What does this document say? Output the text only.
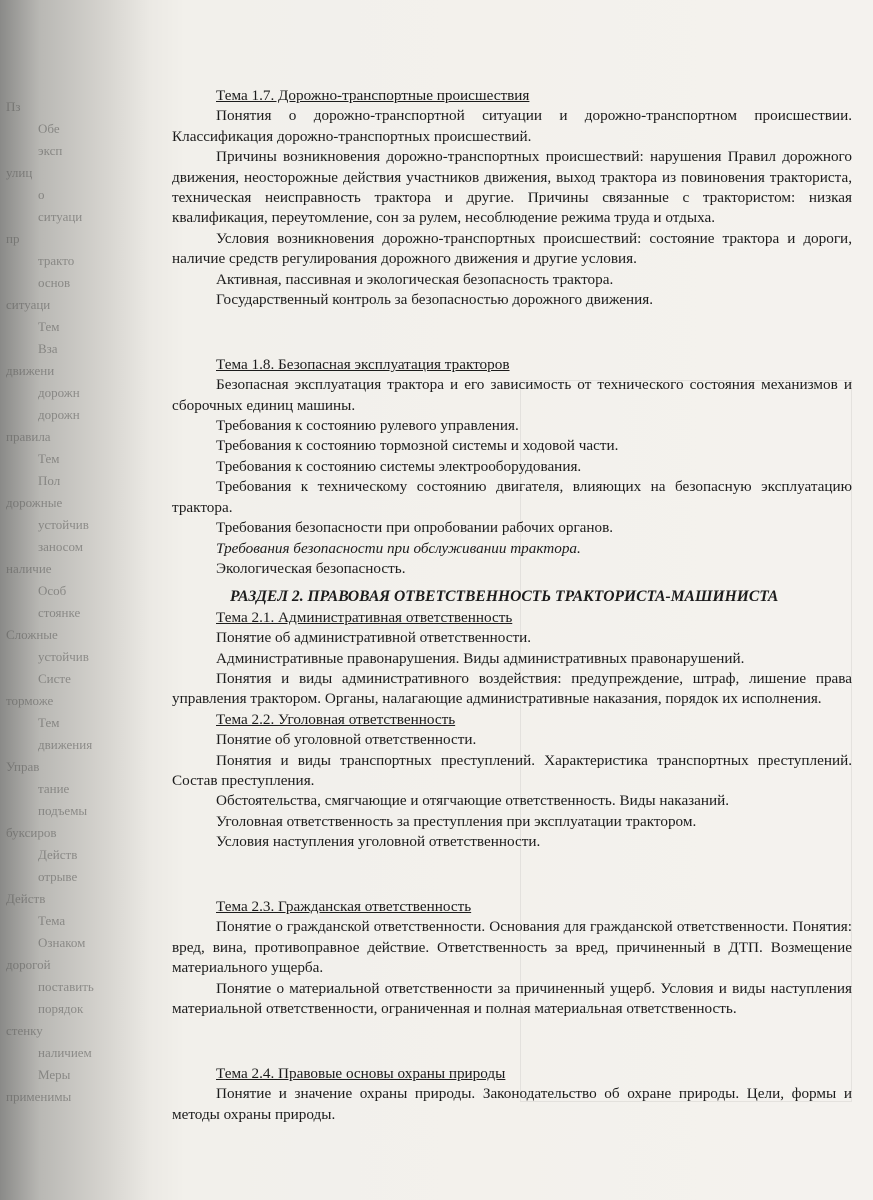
Пз
Обе
эксп
улиц
о
ситуаци
пр
тракто
основ
ситуаци
Тем
Вза
движени
дорожн
дорожн
правила
Тем
Пол
дорожные
устойчив
заносом
наличие
Особ
стоянке
Сложные
устойчив
Систе
торможе
Тем
движения
Управ
тание
подъемы
буксиров
Действ
отрыве
Действ
Тема
Ознаком
дорогой
поставить
порядок
стенку
наличием
Меры
применимы

Тема 1.7. Дорожно-транспортные происшествия

Понятия о дорожно-транспортной ситуации и дорожно-транспортном происшествии. Классификация дорожно-транспортных происшествий.

Причины возникновения дорожно-транспортных происшествий: нарушения Правил дорожного движения, неосторожные действия участников движения, выход трактора из повиновения тракториста, техническая неисправность трактора и другие. Причины связанные с трактористом: низкая квалификация, переутомление, сон за рулем, несоблюдение режима труда и отдыха.

Условия возникновения дорожно-транспортных происшествий: состояние трактора и дороги, наличие средств регулирования дорожного движения и другие условия.

Активная, пассивная и экологическая безопасность трактора.

Государственный контроль за безопасностью дорожного движения.

Тема 1.8. Безопасная эксплуатация тракторов

Безопасная эксплуатация трактора и его зависимость от технического состояния механизмов и сборочных единиц машины.

Требования к состоянию рулевого управления.

Требования к состоянию тормозной системы и ходовой части.

Требования к состоянию системы электрооборудования.

Требования к техническому состоянию двигателя, влияющих на безопасную эксплуатацию трактора.

Требования безопасности при опробовании рабочих органов.

Требования безопасности при обслуживании трактора.

Экологическая безопасность.

РАЗДЕЛ 2. ПРАВОВАЯ ОТВЕТСТВЕННОСТЬ ТРАКТОРИСТА-МАШИНИСТА

Тема 2.1. Административная ответственность

Понятие об административной ответственности.

Административные правонарушения. Виды административных правонарушений.

Понятия и виды административного воздействия: предупреждение, штраф, лишение права управления трактором. Органы, налагающие административные наказания, порядок их исполнения.

Тема 2.2. Уголовная ответственность

Понятие об уголовной ответственности.

Понятия и виды транспортных преступлений. Характеристика транспортных преступлений. Состав преступления.

Обстоятельства, смягчающие и отягчающие ответственность. Виды наказаний.

Уголовная ответственность за преступления при эксплуатации трактором.

Условия наступления уголовной ответственности.

Тема 2.3. Гражданская ответственность

Понятие о гражданской ответственности. Основания для гражданской ответственности. Понятия: вред, вина, противоправное действие. Ответственность за вред, причиненный в ДТП. Возмещение материального ущерба.

Понятие о материальной ответственности за причиненный ущерб. Условия и виды наступления материальной ответственности, ограниченная и полная материальная ответственность.

Тема 2.4. Правовые основы охраны природы

Понятие и значение охраны природы. Законодательство об охране природы. Цели, формы и методы охраны природы.
